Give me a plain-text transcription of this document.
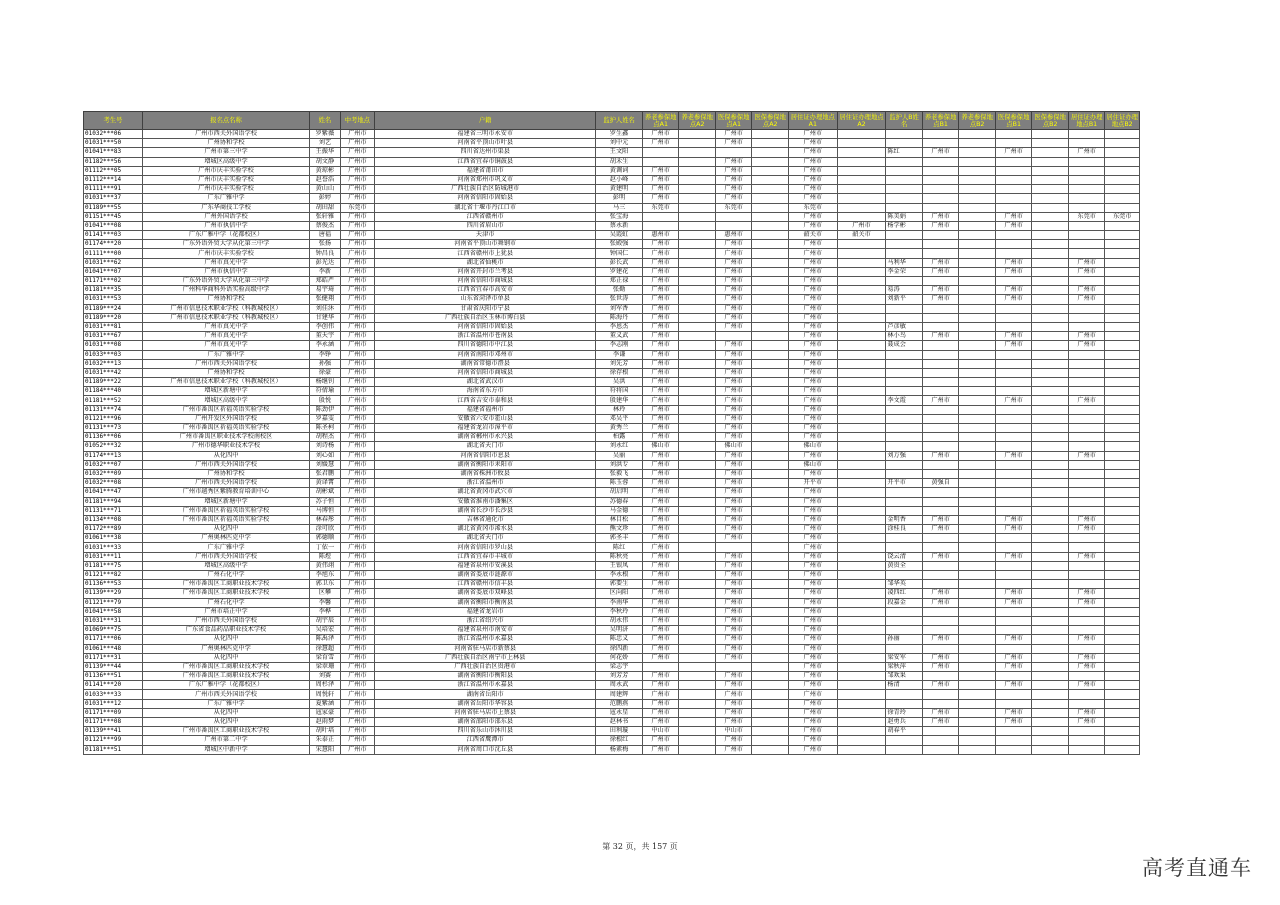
考生号	报名点名称	姓名	中考地点	户籍	监护人姓名	养老参保地点A1	养老参保地点A2	医保参保地点A1	医保参保地点A2	居住证办理地点A1	居住证办理地点A2	监护人B姓名	养老参保地点B1	养老参保地点B2	医保参保地点B1	医保参保地点B2	居住证办理地点B1	居住证办理地点B2
01032***06	广州市西关外国语学校	罗紫薇	广州市	福建省三明市永安市	罗生鑫	广州市		广州市		广州市								
01031***50	广州协和学校	刘艺	广州市	河南省平顶山市叶县	刘中元	广州市		广州市		广州市								
01041***83	广州市第三中学	王振华	广州市	四川省达州市渠县	王文阳					广州市		陈红	广州市		广州市		广州市	
01182***56	增城区高级中学	胡文静	广州市	江西省宜春市铜鼓县	胡禾生			广州市		广州市								
01112***05	广州市庆丰实验学校	黄琼彬	广州市	福建省莆田市	黄调词	广州市		广州市		广州市								
01112***14	广州市庆丰实验学校	赵誉浩	广州市	河南省郑州市巩义市	赵小峰	广州市		广州市		广州市								
01111***91	广州市庆丰实验学校	黄山山	广州市	广西壮族自治区防城港市	黄建明	广州市		广州市		广州市								
01031***37	广东广雅中学	彭婷	广州市	河南省信阳市固始县	彭明	广州市		广州市		广州市								
01189***55	广东华商技工学校	胡田甜	东莞市	湖北省十堰市丹江口市	马三	东莞市		东莞市		东莞市								
01151***45	广州外国语学校	张轩雅	广州市	江西省赣州市	张宝海					广州市		陈美娟	广州市		广州市		东莞市	东莞市
01041***08	广州市执信中学	蔡俊杰	广州市	四川省眉山市	蔡永新					广州市	广州市	杨学彬	广州市		广州市			
01141***03	广东广雅中学（花都校区）	唐福	广州市	天津市	吴霞虹	惠州市		惠州市		韶关市	韶关市							
01174***20	广东外语外贸大学从化第三中学	张扬	广州市	河南省平顶山市舞钢市	张殿强	广州市		广州市		广州市								
01111***00	广州市庆丰实验学校	钟昌良	广州市	江西省赣州市上犹县	钟国仁	广州市		广州市		广州市								
01031***62	广州市真光中学	彭光达	广州市	湖北省仙桃市	彭长武	广州市		广州市		广州市		马利华	广州市		广州市		广州市	
01041***07	广州市执信中学	李新	广州市	河南省开封市兰考县	罗建花	广州市		广州市		广州市		李金荣	广州市		广州市		广州市	
01171***02	广东外语外贸大学从化第三中学	郑皓严	广州市	河南省信阳市商城县	郑正禄	广州市		广州市		广州市								
01181***35	广州科华商科外语实验高级中学	易宇琦	广州市	江西省宜春市高安市	张勤	广州市		广州市		广州市		易涛	广州市		广州市		广州市	
01031***53	广州协和学校	张健翔	广州市	山东省菏泽市单县	张世涛	广州市		广州市		广州市		刘新平	广州市		广州市		广州市	
01189***24	广州市信息技术职业学校（科教城校区）	刘佳沐	广州市	甘肃省庆阳市宁县	刘军香	广州市		广州市		广州市								
01189***20	广州市信息技术职业学校（科教城校区）	甘建华	广州市	广西壮族自治区玉林市博白县	陈海丹	广州市		广州市		广州市								
01031***81	广州市真光中学	李创伟	广州市	河南省信阳市固始县	李恩杰	广州市		广州市		广州市		芦彦敏						
01031***67	广州市真光中学	董天宇	广州市	浙江省温州市苍南县	董义武	广州市				广州市		林小鸟	广州市		广州市		广州市	
01031***08	广州市真光中学	李永涵	广州市	四川省德阳市中江县	李志刚	广州市		广州市		广州市		聂成会			广州市		广州市	
01033***03	广东广雅中学	李铮	广州市	河南省南阳市邓州市	李谦	广州市		广州市		广州市								
01032***13	广州市西关外国语学校	孙强	广州市	湖南省常德市澧县	刘先芳	广州市		广州市		广州市								
01031***42	广州协和学校	徐豪	广州市	河南省信阳市商城县	徐存根	广州市		广州市		广州市								
01189***22	广州市信息技术职业学校（科教城校区）	杨继钊	广州市	湖北省武汉市	吴洪	广州市		广州市		广州市								
01184***40	增城区新塘中学	符倩瑜	广州市	海南省东方市	符将国	广州市		广州市		广州市								
01181***52	增城区高级中学	殷悦	广州市	江西省吉安市泰和县	殷建华	广州市		广州市		广州市		李文霞	广州市		广州市		广州市	
01131***74	广州市番禺区祈福英语实验学校	陈劲伊	广州市	福建省福州市	林玲	广州市		广州市		广州市								
01121***96	广州开发区外国语学校	罗嘉雯	广州市	安徽省六安市霍山县	邓吴平	广州市		广州市		广州市								
01131***73	广州市番禺区祈福英语实验学校	陈圣柯	广州市	福建省龙岩市漳平市	黄秀兰	广州市		广州市		广州市								
01136***06	广州市番禺区职业技术学校南校区	胡程杰	广州市	湖南省郴州市永兴县	柏露	广州市		广州市		广州市								
01052***32	广州市德华职业技术学校	刘诗杨	广州市	湖北省天门市	刘永红	佛山市		佛山市		佛山市								
01174***13	从化四中	刘心如	广州市	河南省信阳市息县	吴丽	广州市		广州市		广州市		刘万强	广州市		广州市		广州市	
01032***07	广州市西关外国语学校	刘媛慧	广州市	湖南省衡阳市耒阳市	刘洪专	广州市		广州市		佛山市								
01032***09	广州协和学校	张君鹏	广州市	湖南省株洲市攸县	张毅飞	广州市		广州市		广州市								
01032***08	广州市西关外国语学校	黄译霄	广州市	浙江省温州市	陈玉蓉	广州市		广州市		开平市		开平市	黄强自					
01041***47	广州市越秀区紫腾教育培训中心	胡彬斌	广州市	湖北省黄冈市武穴市	胡启明	广州市		广州市		广州市								
01181***94	增城区新塘中学	苏子恒	广州市	安徽省淮南市潘集区	苏德春	广州市		广州市		广州市								
01131***71	广州市番禺区祈福英语实验学校	马博恒	广州市	湖南省长沙市长沙县	马金德	广州市		广州市		广州市								
01134***08	广州市番禺区祈福英语实验学校	林春彤	广州市	吉林省通化市	林目松	广州市		广州市		广州市		金明香	广州市		广州市		广州市	
01172***89	从化四中	涂可欣	广州市	湖北省黄冈市浠水县	熊文珍	广州市		广州市		广州市		涂桂良	广州市		广州市		广州市	
01061***38	广州奥林匹克中学	郭德顺	广州市	湖北省天门市	郭圣丰	广州市		广州市		广州市								
01031***33	广东广雅中学	丁依一	广州市	河南省信阳市罗山县	陈红	广州市				广州市								
01031***11	广州市西关外国语学校	陈煜	广州市	江西省宜春市丰城市	陈秋亮	广州市		广州市		广州市		饶云清	广州市		广州市		广州市	
01181***75	增城区高级中学	黄伟翊	广州市	福建省泉州市安溪县	王银凤	广州市		广州市		广州市		黄贵全						
01121***82	广州石化中学	李旭东	广州市	湖南省娄底市涟源市	李永根	广州市		广州市		广州市								
01136***53	广州市番禺区工商职业技术学校	郭卫东	广州市	江西省赣州市信丰县	郭要生	广州市		广州市		广州市		邹华英						
01139***29	广州市番禺区工商职业技术学校	区攀	广州市	湖南省娄底市双峰县	区向阳	广州市		广州市		广州市		凌四红	广州市		广州市		广州市	
01121***79	广州石化中学	李馨	广州市	湖南省衡阳市衡南县	李南华	广州市		广州市		广州市		段嘉金	广州市		广州市		广州市	
01041***58	广州市培正中学	李桦	广州市	福建省龙岩市	李秋玲	广州市		广州市		广州市								
01031***31	广州市西关外国语学校	胡宇辰	广州市	浙江省绍兴市	胡永伟	广州市		广州市		广州市								
01069***75	广东省食品药品职业技术学校	吴培宏	广州市	福建省泉州市南安市	吴明济	广州市		广州市		广州市								
01171***06	从化四中	陈禹泽	广州市	浙江省温州市永嘉县	陈忠义	广州市		广州市		广州市		孙丽	广州市		广州市		广州市	
01061***48	广州奥林匹克中学	徐慧超	广州市	河南省驻马店市新蔡县	徐四新	广州市		广州市		广州市								
01171***31	从化四中	梁育雪	广州市	广西壮族自治区南宁市上林县	何花娇	广州市		广州市		广州市		梁安军	广州市		广州市		广州市	
01139***44	广州市番禺区工商职业技术学校	梁翠珊	广州市	广西壮族自治区贵港市	梁志宇					广州市		梁秋萍	广州市		广州市		广州市	
01136***51	广州市番禺区工商职业技术学校	刘赛	广州市	湖南省衡阳市衡阳县	刘芳芳	广州市		广州市		广州市		邹欢果						
01141***20	广东广雅中学（花都校区）	周杉泽	广州市	浙江省温州市永嘉县	周永武	广州市		广州市		广州市		杨清	广州市		广州市		广州市	
01033***33	广州市西关外国语学校	周悦轩	广州市	湖南省岳阳市	周建辉	广州市		广州市		广州市								
01031***12	广东广雅中学	夏紫涵	广州市	湖南省岳阳市华容县	范鹏燕	广州市		广州市		广州市								
01171***09	从化四中	寇家豪	广州市	河南省驻马店市上蔡县	寇永星	广州市		广州市		广州市		徐青玲	广州市		广州市		广州市	
01171***08	从化四中	赵雨梦	广州市	湖南省邵阳市邵东县	赵林书	广州市		广州市		广州市		赵勇兵	广州市		广州市		广州市	
01139***41	广州市番禺区工商职业技术学校	胡叶培	广州市	四川省乐山市沐川县	田利璇	中山市		中山市		广州市		胡春平						
01121***99	广州市第二中学	朱泰正	广州市	江西省鹰潭市	徐根红	广州市		广州市		广州市								
01181***51	增城区中新中学	宋慧阳	广州市	河南省周口市沈丘县	杨素梅	广州市		广州市		广州市								
第 32 页，共 157 页
高考直通车
